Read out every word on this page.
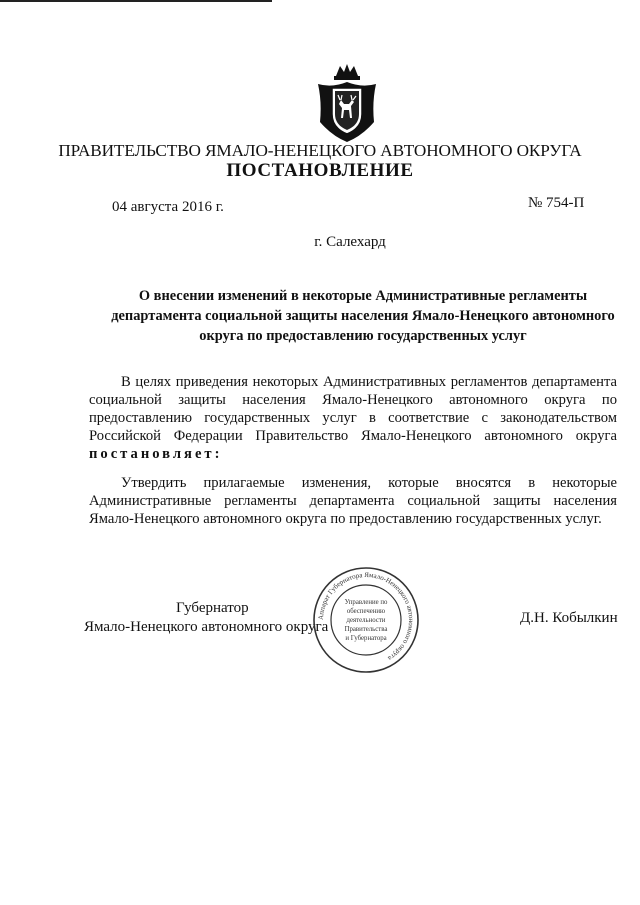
ПРАВИТЕЛЬСТВО ЯМАЛО-НЕНЕЦКОГО АВТОНОМНОГО ОКРУГА
ПОСТАНОВЛЕНИЕ
04 августа 2016 г.	№ 754-П
г. Салехард
О внесении изменений в некоторые Административные регламенты департамента социальной защиты населения Ямало-Ненецкого автономного округа по предоставлению государственных услуг
В целях приведения некоторых Административных регламентов департамента социальной защиты населения Ямало-Ненецкого автономного округа по предоставлению государственных услуг в соответствие с законодательством Российской Федерации Правительство Ямало-Ненецкого автономного округа постановляет:
Утвердить прилагаемые изменения, которые вносятся в некоторые Административные регламенты департамента социальной защиты населения Ямало-Ненецкого автономного округа по предоставлению государственных услуг.
Губернатор
Ямало-Ненецкого автономного округа
Д.Н. Кобылкин
Аппарат Губернатора Ямало-Ненецкого автономного округа
Управление по
обеспечению
деятельности
Правительства
и Губернатора
